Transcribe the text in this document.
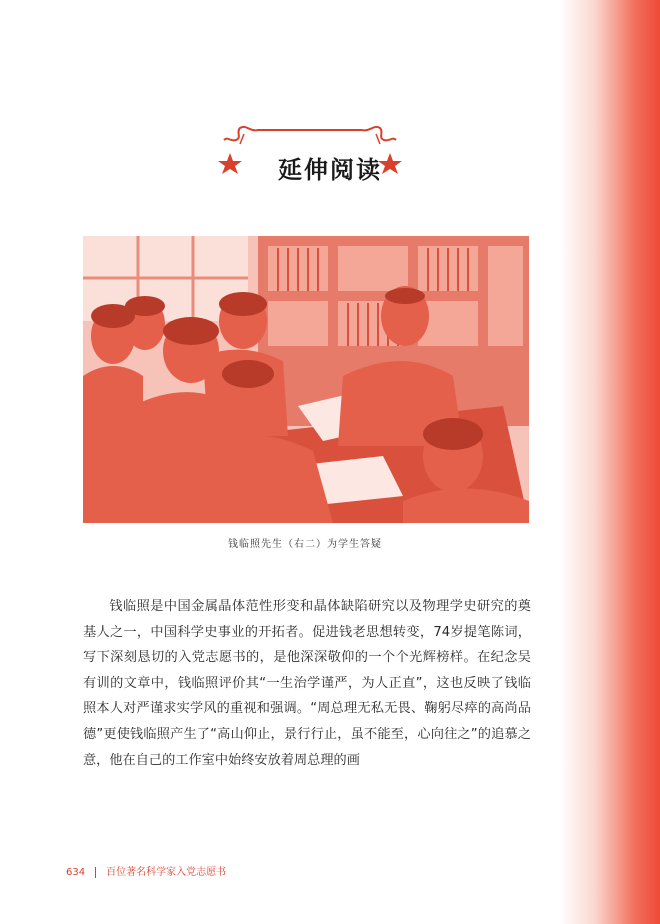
延伸阅读
钱临照先生（右二）为学生答疑
钱临照是中国金属晶体范性形变和晶体缺陷研究以及物理学史研究的奠基人之一，中国科学史事业的开拓者。促进钱老思想转变，74岁提笔陈词，写下深刻恳切的入党志愿书的，是他深深敬仰的一个个光辉榜样。在纪念吴有训的文章中，钱临照评价其“一生治学谨严，为人正直”，这也反映了钱临照本人对严谨求实学风的重视和强调。“周总理无私无畏、鞠躬尽瘁的高尚品德”更使钱临照产生了“高山仰止，景行行止，虽不能至，心向往之”的追慕之意，他在自己的工作室中始终安放着周总理的画
634 百位著名科学家入党志愿书
